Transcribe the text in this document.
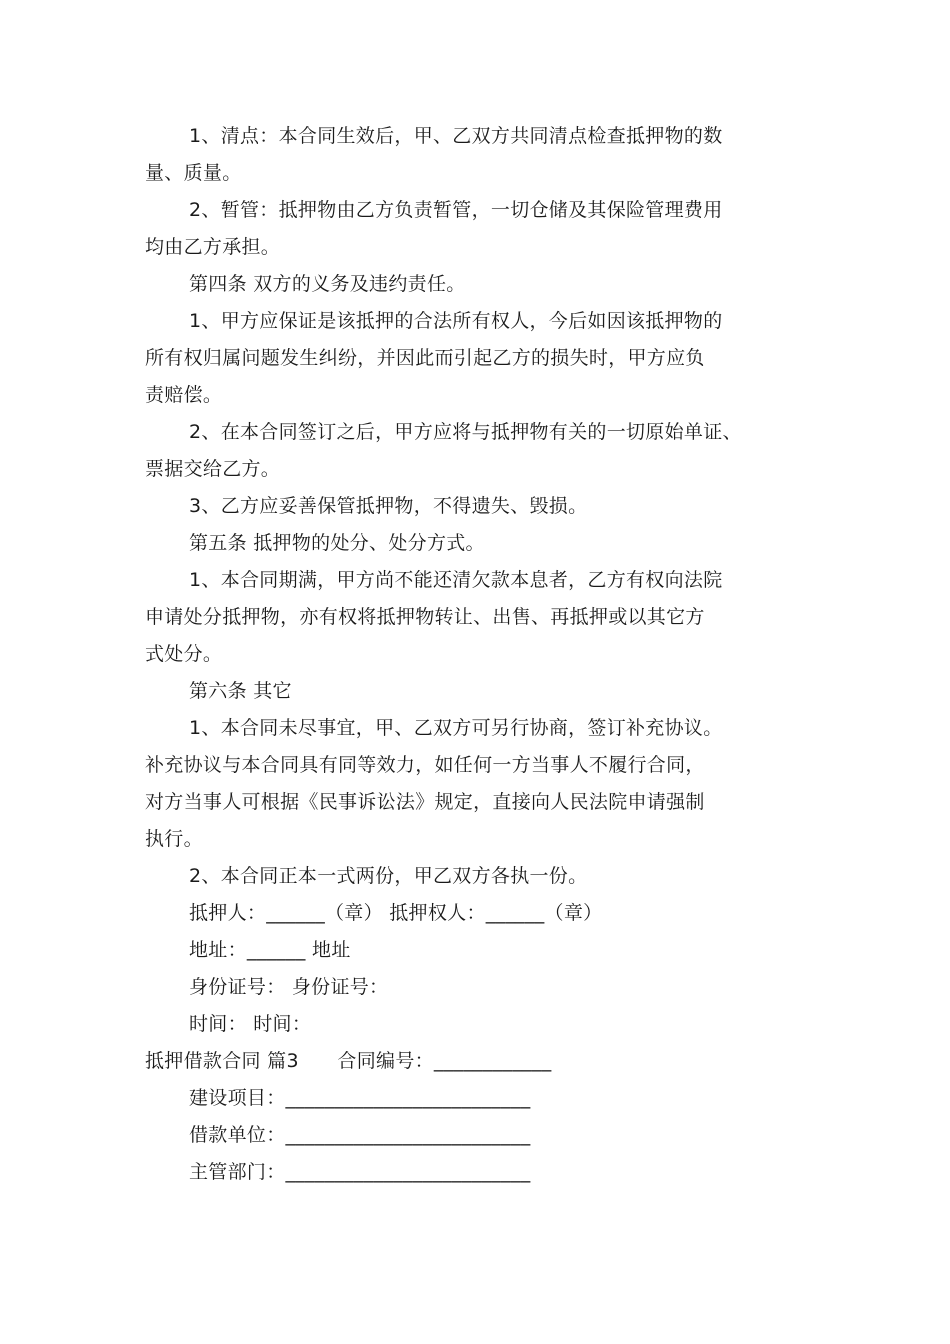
1、清点：本合同生效后，甲、乙双方共同清点检查抵押物的数
量、质量。
2、暂管：抵押物由乙方负责暂管，一切仓储及其保险管理费用
均由乙方承担。
第四条 双方的义务及违约责任。
1、甲方应保证是该抵押的合法所有权人，今后如因该抵押物的
所有权归属问题发生纠纷，并因此而引起乙方的损失时，甲方应负
责赔偿。
2、在本合同签订之后，甲方应将与抵押物有关的一切原始单证、
票据交给乙方。
3、乙方应妥善保管抵押物，不得遗失、毁损。
第五条 抵押物的处分、处分方式。
1、本合同期满，甲方尚不能还清欠款本息者，乙方有权向法院
申请处分抵押物，亦有权将抵押物转让、出售、再抵押或以其它方
式处分。
第六条 其它
1、本合同未尽事宜，甲、乙双方可另行协商，签订补充协议。
补充协议与本合同具有同等效力，如任何一方当事人不履行合同，
对方当事人可根据《民事诉讼法》规定，直接向人民法院申请强制
执行。
2、本合同正本一式两份，甲乙双方各执一份。
抵押人：______（章） 抵押权人：______（章）
地址：______ 地址
身份证号： 身份证号：
时间： 时间：
抵押借款合同 篇3　　合同编号：____________
建设项目：_________________________
借款单位：_________________________
主管部门：_________________________
